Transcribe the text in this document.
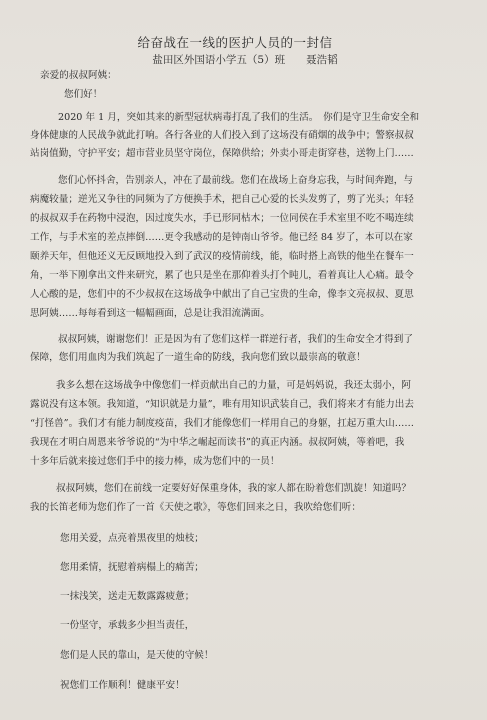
给奋战在一线的医护人员的一封信
盐田区外国语小学五（5）班　　聂浩韬
亲爱的叔叔阿姨：
您们好！
2020 年 1 月，突如其来的新型冠状病毒打乱了我们的生活。　你们是守卫生命安全和
身体健康的人民战争就此打响。各行各业的人们投入到了这场没有硝烟的战争中；警察叔叔
站岗值勤，守护平安；超市营业员坚守岗位，保障供给；外卖小哥走街穿巷，送物上门……
您们心怀抖舍，告别亲人，冲在了最前线。您们在战场上奋身忘我，与时间奔跑，与
病魔较量；逆光又争往的同频为了方便换手术，把自己心爱的长头发剪了，剪了光头；年轻
的叔叔双手在药物中浸泡，因过度失水，手已形同枯木；一位同侯在手术室里不吃不喝连续
工作，与手术室的差点摔倒……更令我感动的是钟南山爷爷。他已经 84 岁了，本可以在家
颐养天年，但他还义无反顾地投入到了武汉的疫情前线，能，临时搭上高铁的他坐在餐车一
角，一举下刚拿出文件来研究，累了也只是坐在那仰着头打个盹儿，看着真让人心痛。最令
人心酸的是，您们中的不少叔叔在这场战争中献出了自己宝贵的生命，像李文亮叔叔、夏思
思阿姨……每每看到这一幅幅画面，总是让我泪流满面。
叔叔阿姨，谢谢您们！正是因为有了您们这样一群逆行者，我们的生命安全才得到了
保障，您们用血肉为我们筑起了一道生命的防线，我向您们致以最崇高的敬意！
我多么想在这场战争中像您们一样贡献出自己的力量，可是妈妈说，我还太弱小，阿
露说没有这本领。我知道，“知识就是力量”，唯有用知识武装自己，我们将来才有能力出去
“打怪兽”。我们才有能力制度疫苗，我们才能像您们一样用自己的身躯，扛起万重大山……
我现在才明白周恩来爷爷说的“为中华之崛起而读书”的真正内涵。叔叔阿姨，等着吧，我
十多年后就来接过您们手中的接力棒，成为您们中的一员！
叔叔阿姨，您们在前线一定要好好保重身体，我的家人都在盼着您们凯旋！知道吗？
我的长笛老师为您们作了一首《天使之歌》，等您们回来之日，我吹给您们听：
您用关爱，点亮着黑夜里的烛枝；
您用柔情，抚慰着病榻上的痛苦；
一抹浅笑，送走无数露露疲惫；
一份坚守，承载多少担当责任，
您们是人民的靠山，是天使的守候！
祝您们工作顺利！健康平安！
